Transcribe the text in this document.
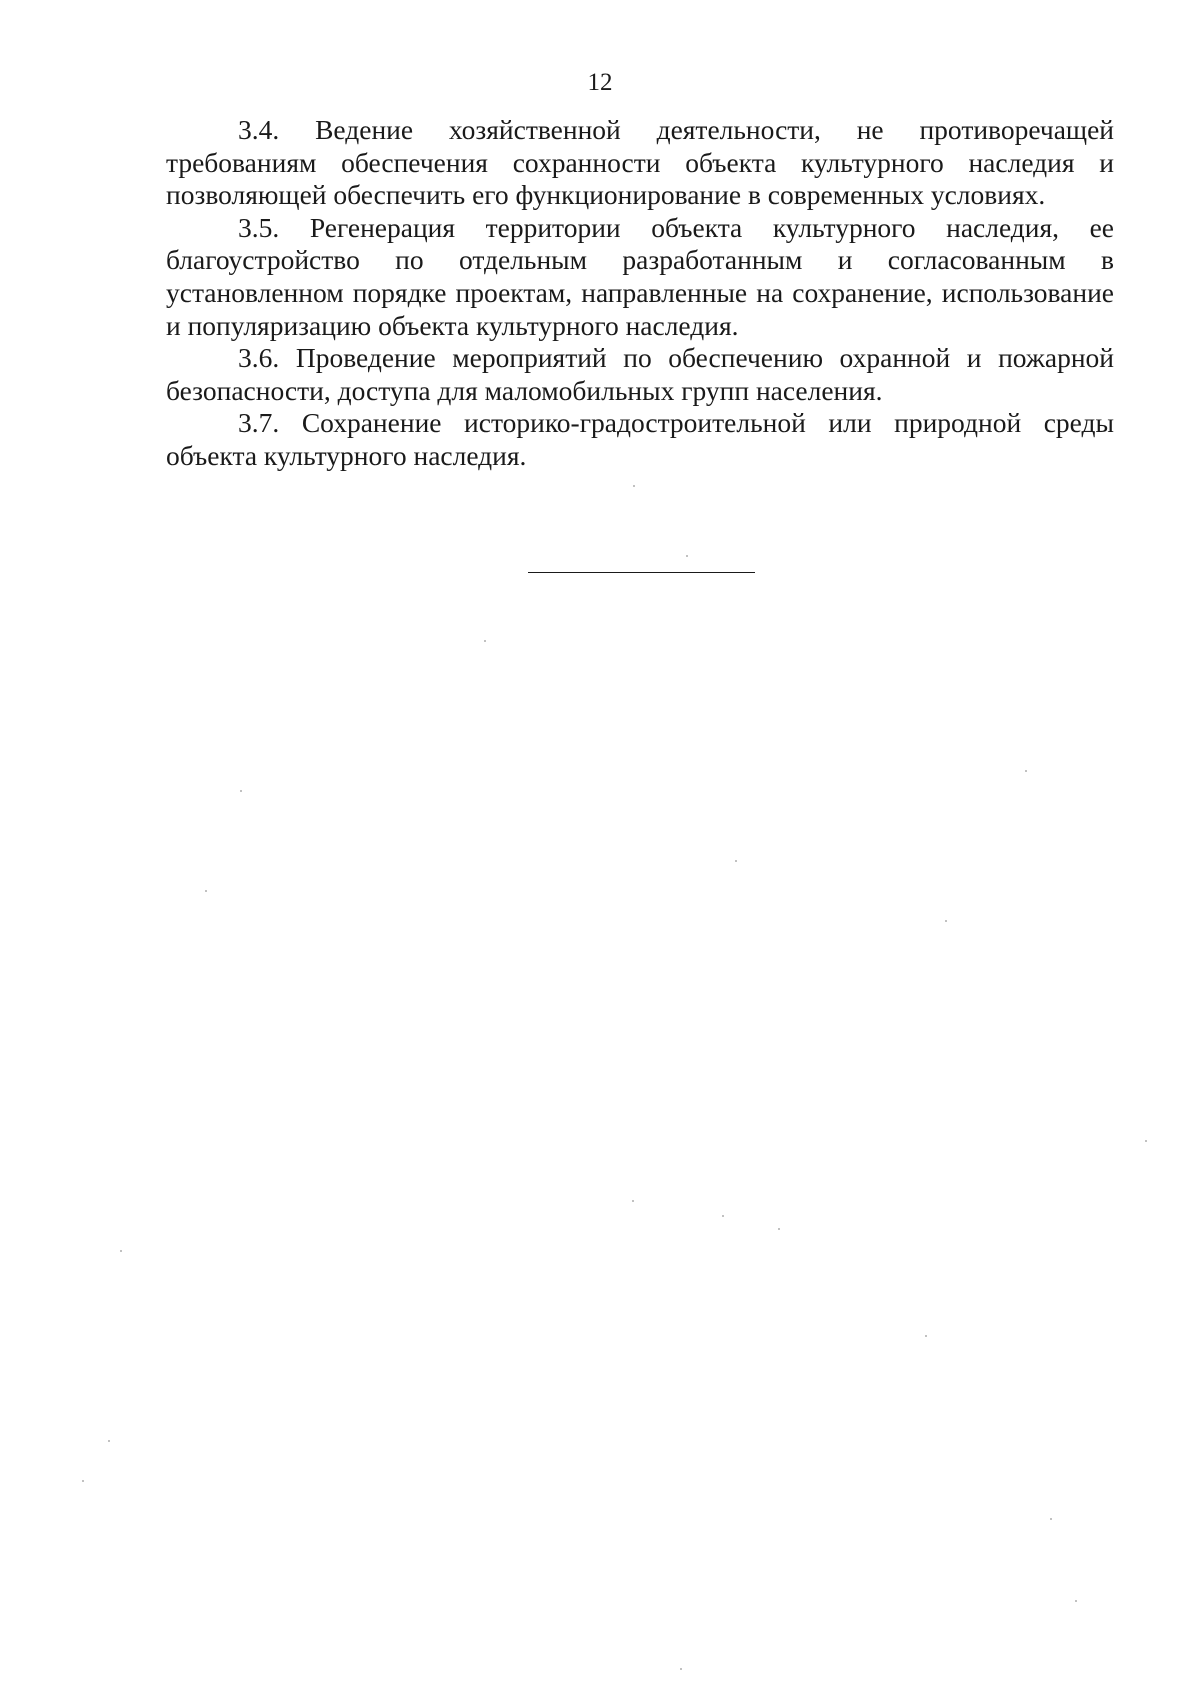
12

3.4. Ведение хозяйственной деятельности, не противоречащей требованиям обеспечения сохранности объекта культурного наследия и позволяющей обеспечить его функционирование в современных условиях.

3.5. Регенерация территории объекта культурного наследия, ее благоустройство по отдельным разработанным и согласованным в установленном порядке проектам, направленные на сохранение, использование и популяризацию объекта культурного наследия.

3.6. Проведение мероприятий по обеспечению охранной и пожарной безопасности, доступа для маломобильных групп населения.

3.7. Сохранение историко-градостроительной или природной среды объекта культурного наследия.
